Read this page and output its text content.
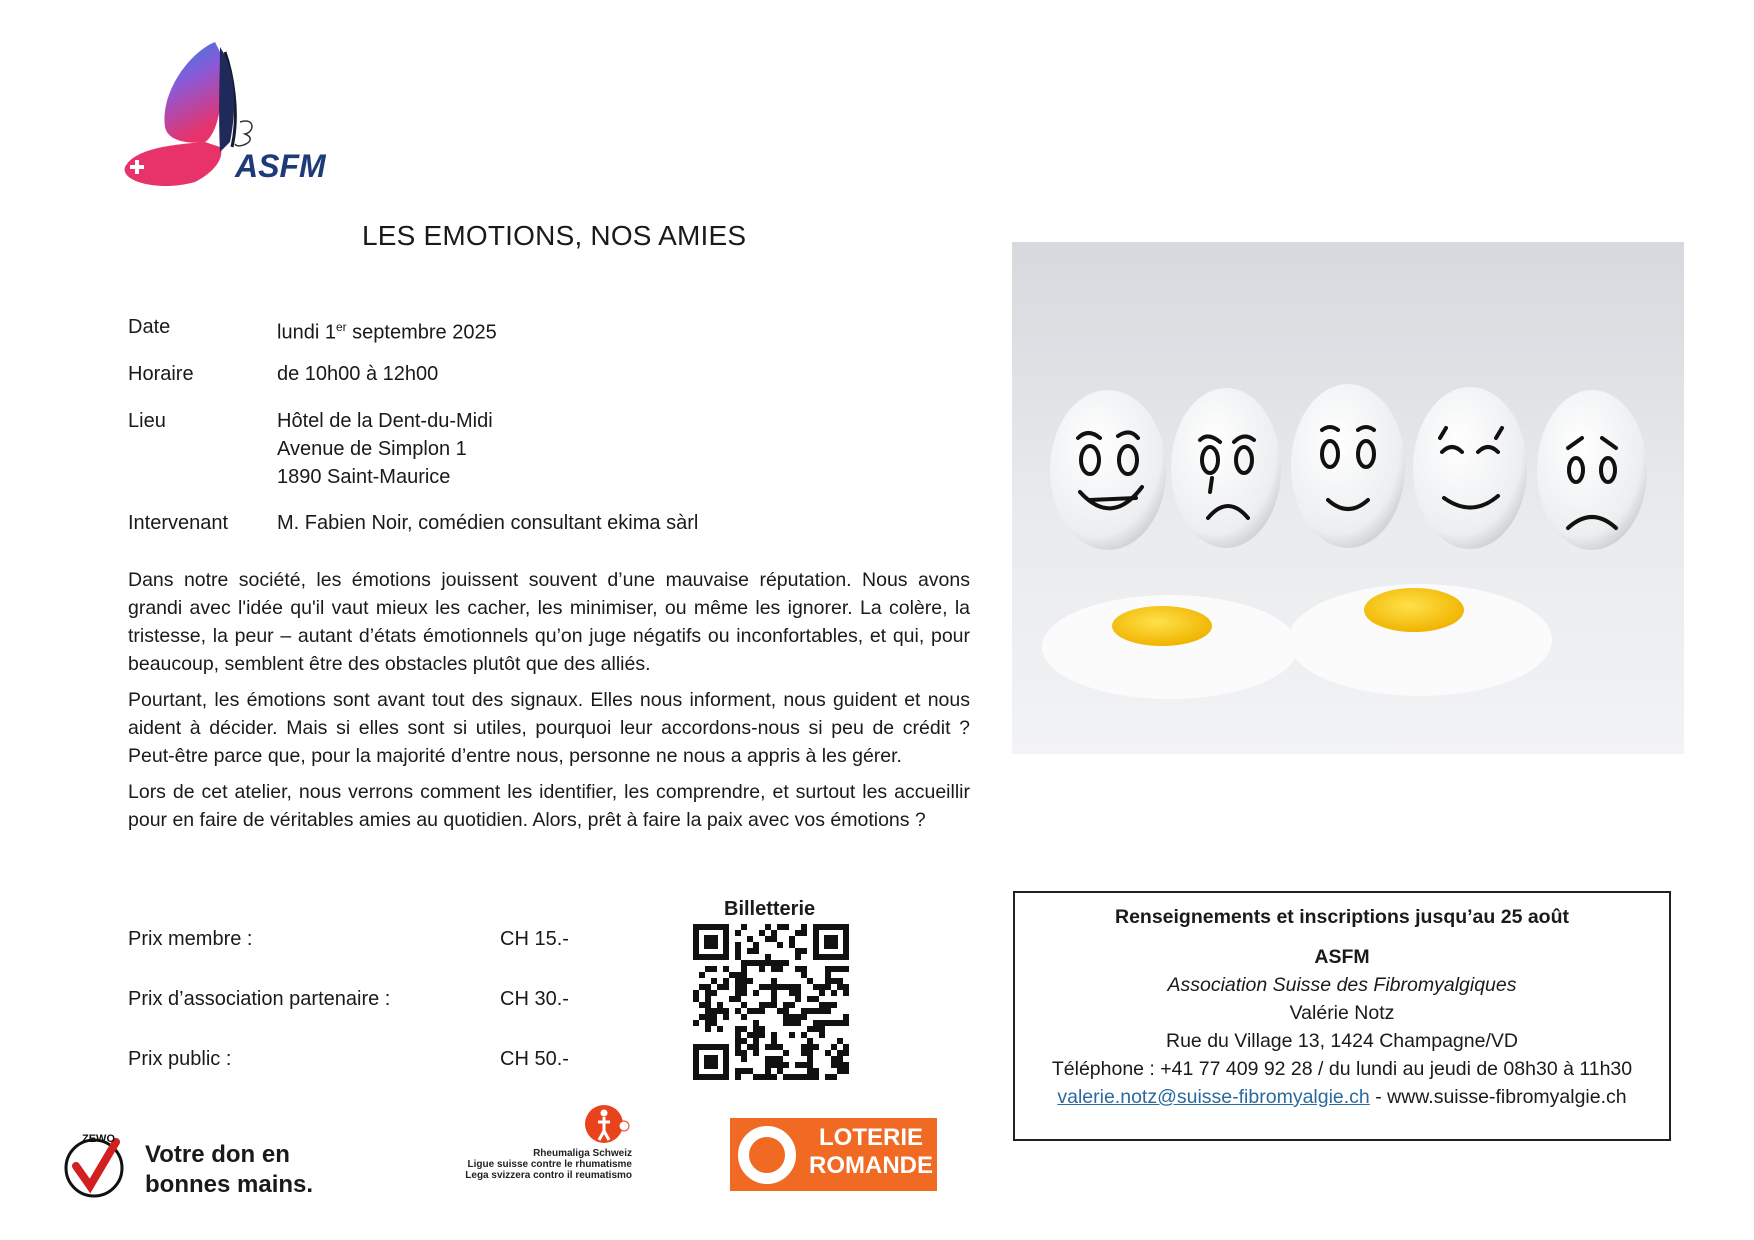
ASFM
LES EMOTIONS, NOS AMIES
Date	lundi 1er septembre 2025
Horaire	de 10h00 à 12h00
Lieu	Hôtel de la Dent-du-Midi
Avenue de Simplon 1
1890 Saint-Maurice
Intervenant M. Fabien Noir, comédien consultant ekima sàrl

Dans notre société, les émotions jouissent souvent d’une mauvaise réputation. Nous avons grandi avec l'idée qu'il vaut mieux les cacher, les minimiser, ou même les ignorer. La colère, la tristesse, la peur – autant d’états émotionnels qu’on juge négatifs ou inconfortables, et qui, pour beaucoup, semblent être des obstacles plutôt que des alliés.

Pourtant, les émotions sont avant tout des signaux. Elles nous informent, nous guident et nous aident à décider. Mais si elles sont si utiles, pourquoi leur accordons-nous si peu de crédit ? Peut-être parce que, pour la majorité d’entre nous, personne ne nous a appris à les gérer.

Lors de cet atelier, nous verrons comment les identifier, les comprendre, et surtout les accueillir pour en faire de véritables amies au quotidien. Alors, prêt à faire la paix avec vos émotions ?

Prix membre :	CH 15.-
Prix d’association partenaire :	CH 30.-
Prix public :	CH 50.-
Billetterie	Renseignements et inscriptions jusqu’au 25 août
ASFM
Association Suisse des Fibromyalgiques
Valérie Notz
Rue du Village 13, 1424 Champagne/VD
Téléphone : +41 77 409 92 28 / du lundi au jeudi de 08h30 à 11h30
valerie.notz@suisse-fibromyalgie.ch - www.suisse-fibromyalgie.ch
ZEWO
Votre don en
bonnes mains.
Rheumaliga Schweiz
Ligue suisse contre le rhumatisme
Lega svizzera contro il reumatismo
LOTERIE
ROMANDE
